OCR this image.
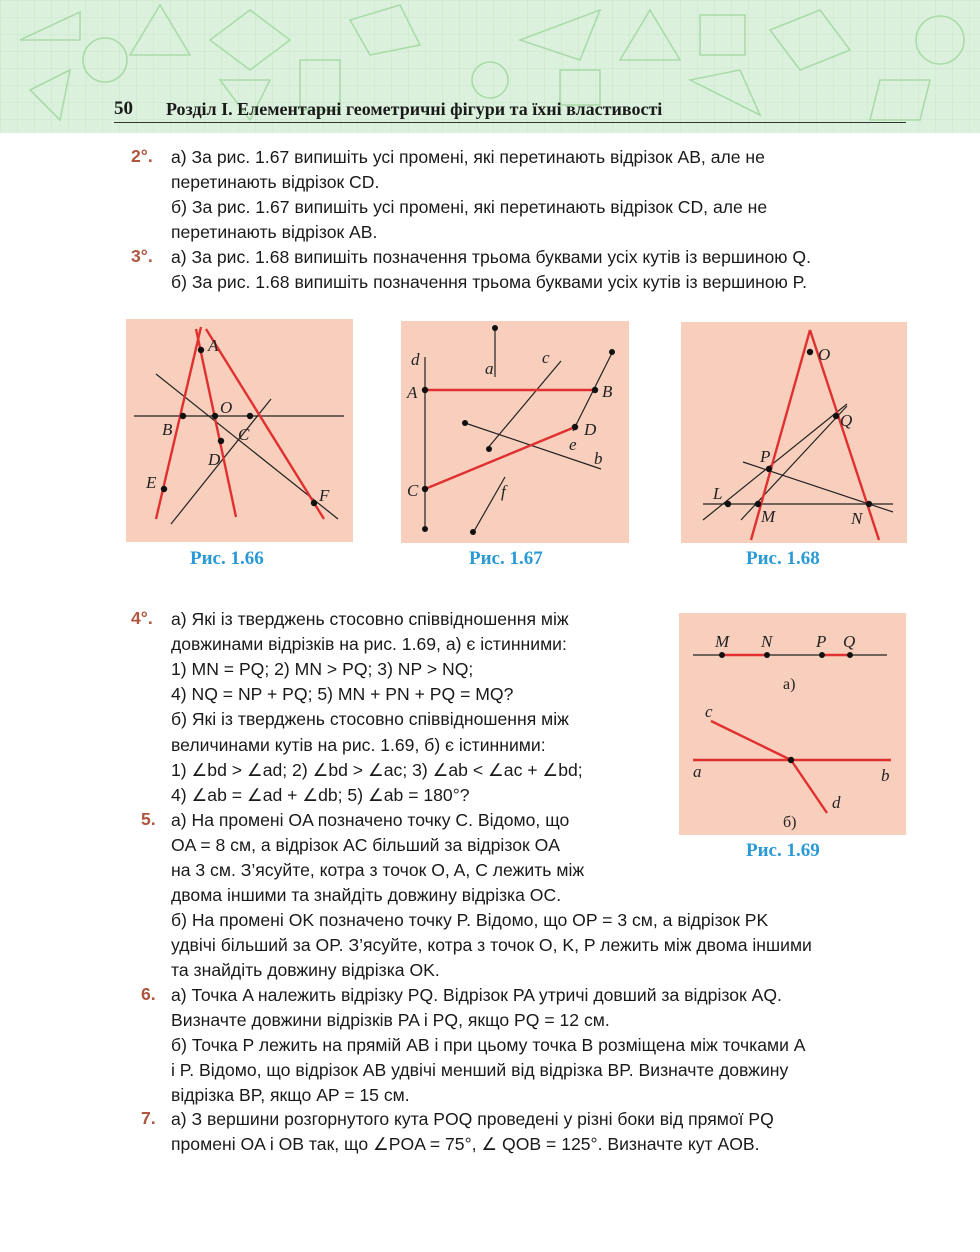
50 Розділ І. Елементарні геометричні фігури та їхні властивості
2°. а) За рис. 1.67 випишіть усі промені, які перетинають відрізок AB, але не
перетинають відрізок CD.
б) За рис. 1.67 випишіть усі промені, які перетинають відрізок CD, але не
перетинають відрізок AB.
3°. а) За рис. 1.68 випишіть позначення трьома буквами усіх кутів із вершиною Q.
б) За рис. 1.68 випишіть позначення трьома буквами усіх кутів із вершиною P.
A
O
B	C
D
E
F
Рис. 1.66
d	a
c
A	B
D
e
b
C	f
Рис. 1.67
O
Q
P
L
M	N
Рис. 1.68
4°. а) Які із тверджень стосовно співвідношення між
довжинами відрізків на рис. 1.69, а) є істинними:
1) MN = PQ; 2) MN > PQ; 3) NP > NQ;
4) NQ = NP + PQ; 5) MN + PN + PQ = MQ?
б) Які із тверджень стосовно співвідношення між
величинами кутів на рис. 1.69, б) є істинними:
1) ∠bd > ∠ad; 2) ∠bd > ∠ac; 3) ∠ab < ∠ac + ∠bd;
4) ∠ab = ∠ad + ∠db; 5) ∠ab = 180°?
M N	P Q
а)
c
a	b
d
б)
Рис. 1.69
5. а) На промені OA позначено точку C. Відомо, що
OA = 8 см, а відрізок AC більший за відрізок OA
на 3 см. З’ясуйте, котра з точок O, A, C лежить між
двома іншими та знайдіть довжину відрізка OC.
б) На промені OK позначено точку P. Відомо, що OP = 3 см, а відрізок PK
удвічі більший за OP. З’ясуйте, котра з точок O, K, P лежить між двома іншими
та знайдіть довжину відрізка OK.
6. а) Точка A належить відрізку PQ. Відрізок PA утричі довший за відрізок AQ.
Визначте довжини відрізків PA і PQ, якщо PQ = 12 см.
б) Точка P лежить на прямій AB і при цьому точка B розміщена між точками A
і P. Відомо, що відрізок AB удвічі менший від відрізка BP. Визначте довжину
відрізка BP, якщо AP = 15 см.
7. а) З вершини розгорнутого кута POQ проведені у різні боки від прямої PQ
промені OA і OB так, що ∠POA = 75°, ∠ QOB = 125°. Визначте кут AOB.
